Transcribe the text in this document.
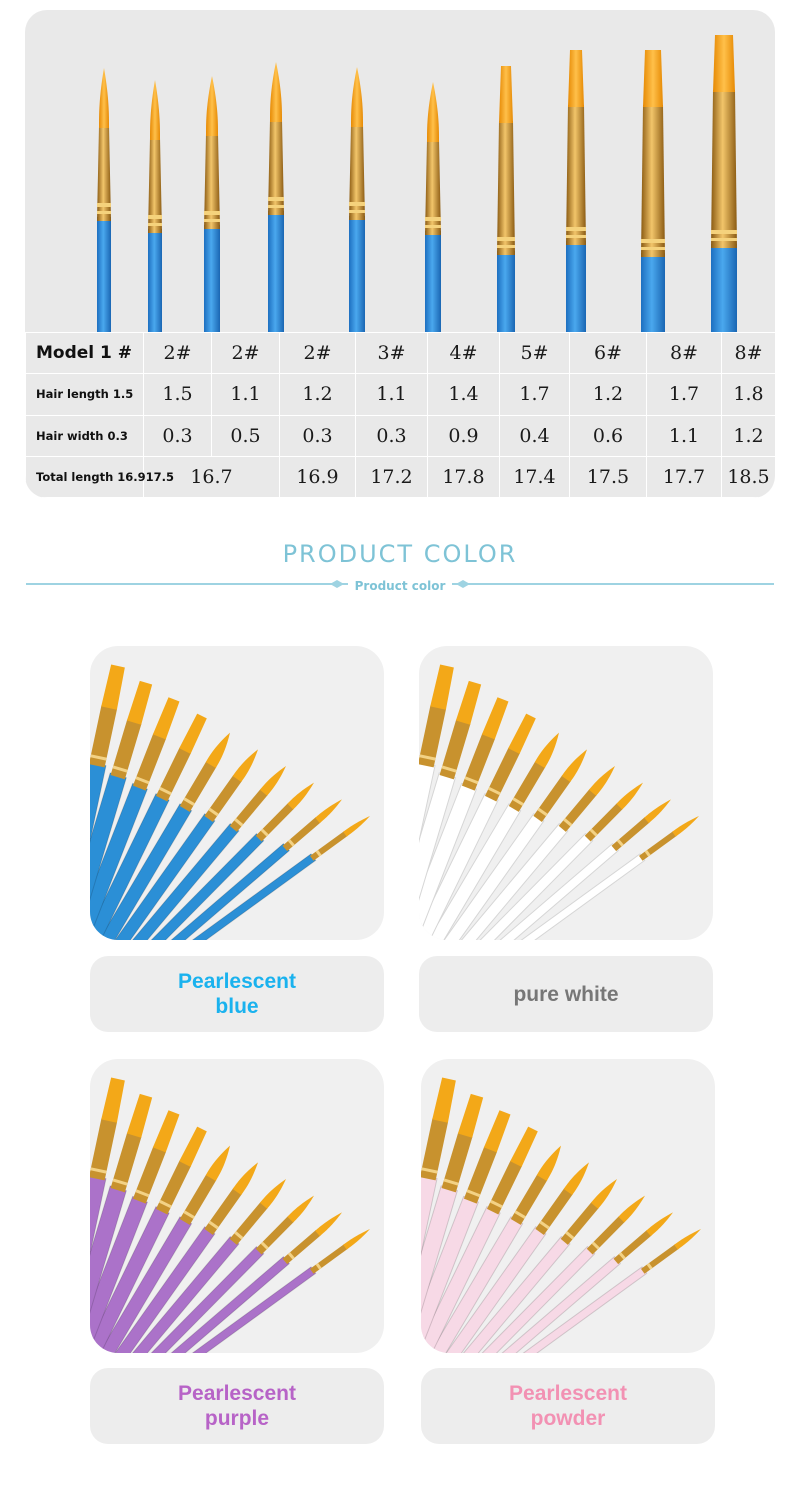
Model 1 #	2#	2#	2#	3#	4#	5#	6#	8#	8#
Hair length 1.5	1.5	1.1	1.2	1.1	1.4	1.7	1.2	1.7	1.8
Hair width 0.3	0.3	0.5	0.3	0.3	0.9	0.4	0.6	1.1	1.2
Total length 16.917.5	16.7		16.9	17.2	17.8	17.4	17.5	17.7	18.5
PRODUCT COLOR
Product color
Pearlescent blue
pure white
Pearlescent purple
Pearlescent powder
